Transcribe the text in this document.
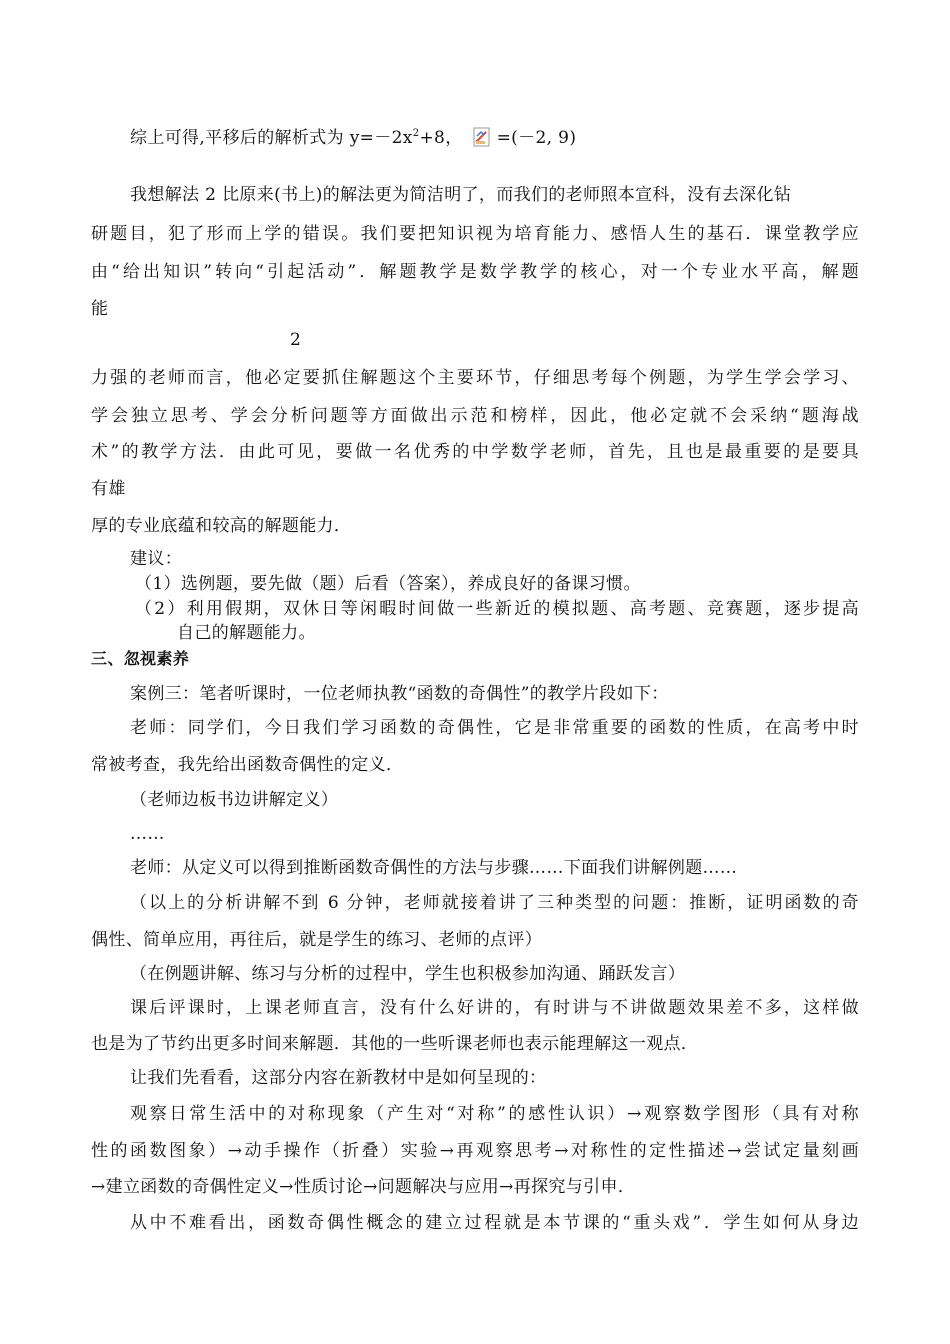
综上可得,平移后的解析式为 $y=-2x^2+8$， =(－2, 9)
我想解法 2 比原来(书上)的解法更为简洁明了，而我们的老师照本宣科，没有去深化钻
研题目，犯了形而上学的错误。我们要把知识视为培育能力、感悟人生的基石．课堂教学应
由“给出知识”转向“引起活动”．解题教学是数学教学的核心，对一个专业水平高，解题
能
2
力强的老师而言，他必定要抓住解题这个主要环节，仔细思考每个例题，为学生学会学习、
学会独立思考、学会分析问题等方面做出示范和榜样，因此，他必定就不会采纳“题海战
术”的教学方法．由此可见，要做一名优秀的中学数学老师，首先，且也是最重要的是要具
有雄
厚的专业底蕴和较高的解题能力．
建议：
（1）选例题，要先做（题）后看（答案），养成良好的备课习惯。
（2）利用假期，双休日等闲暇时间做一些新近的模拟题、高考题、竞赛题，逐步提高
自己的解题能力。
三、忽视素养
案例三：笔者听课时，一位老师执教“函数的奇偶性”的教学片段如下：
老师：同学们，今日我们学习函数的奇偶性，它是非常重要的函数的性质，在高考中时
常被考查，我先给出函数奇偶性的定义．
（老师边板书边讲解定义）
……
老师：从定义可以得到推断函数奇偶性的方法与步骤……下面我们讲解例题……
（以上的分析讲解不到 6 分钟，老师就接着讲了三种类型的问题：推断，证明函数的奇
偶性、简单应用，再往后，就是学生的练习、老师的点评）
（在例题讲解、练习与分析的过程中，学生也积极参加沟通、踊跃发言）
课后评课时，上课老师直言，没有什么好讲的，有时讲与不讲做题效果差不多，这样做
也是为了节约出更多时间来解题．其他的一些听课老师也表示能理解这一观点．
让我们先看看，这部分内容在新教材中是如何呈现的：
观察日常生活中的对称现象（产生对“对称”的感性认识）→观察数学图形（具有对称
性的函数图象）→动手操作（折叠）实验→再观察思考→对称性的定性描述→尝试定量刻画
→建立函数的奇偶性定义→性质讨论→问题解决与应用→再探究与引申．
从中不难看出，函数奇偶性概念的建立过程就是本节课的“重头戏”．学生如何从身边
